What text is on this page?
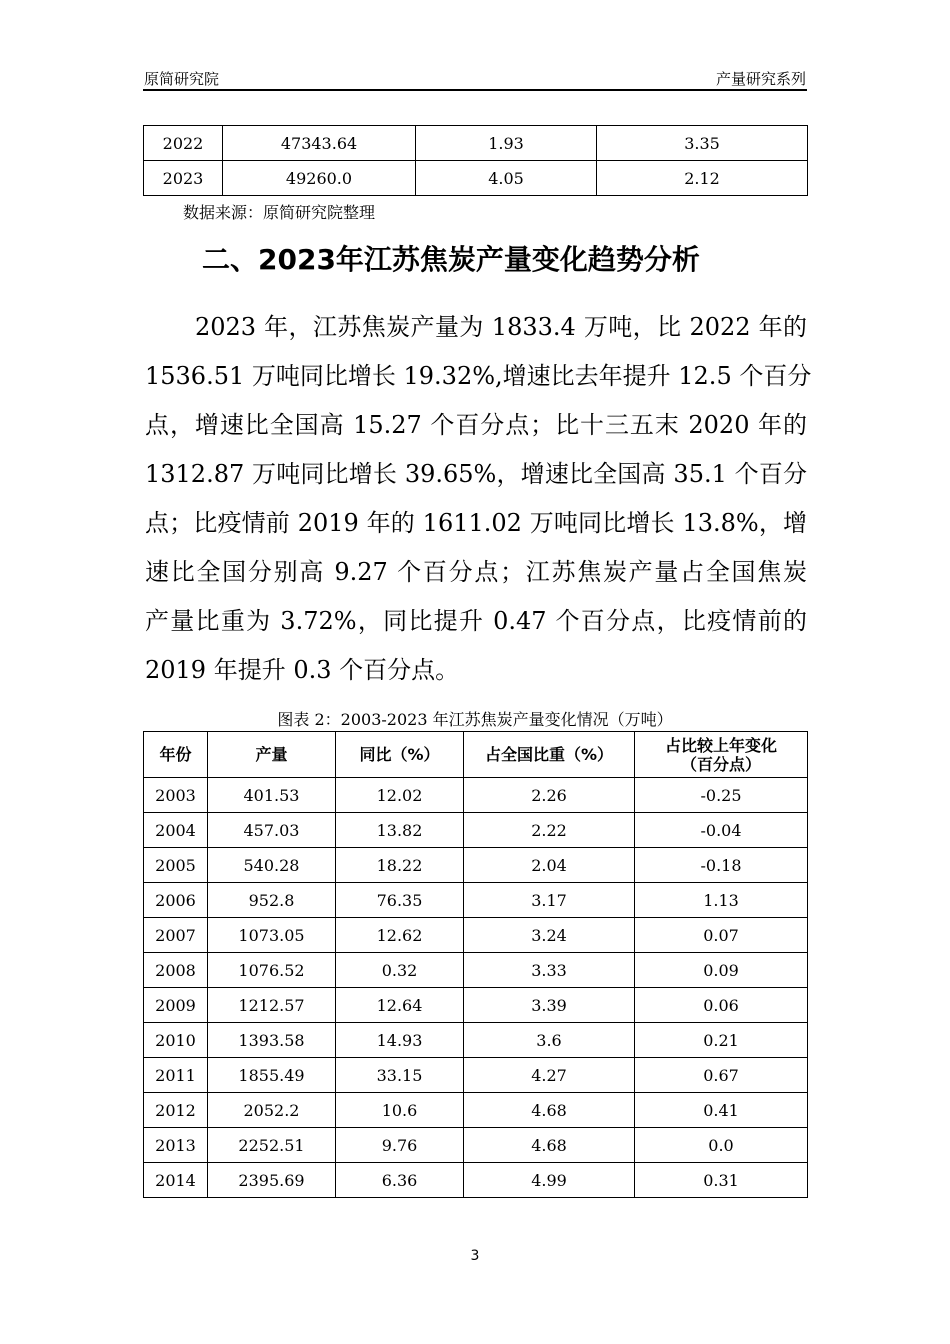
原简研究院	产量研究系列
2022	47343.64	1.93	3.35
2023	49260.0	4.05	2.12
数据来源：原简研究院整理
二、2023年江苏焦炭产量变化趋势分析
2023 年，江苏焦炭产量为 1833.4 万吨，比 2022 年的
1536.51 万吨同比增长 19.32%,增速比去年提升 12.5 个百分
点，增速比全国高 15.27 个百分点；比十三五末 2020 年的
1312.87 万吨同比增长 39.65%，增速比全国高 35.1 个百分
点；比疫情前 2019 年的 1611.02 万吨同比增长 13.8%，增
速比全国分别高 9.27 个百分点；江苏焦炭产量占全国焦炭
产量比重为 3.72%，同比提升 0.47 个百分点，比疫情前的
2019 年提升 0.3 个百分点。
图表 2：2003-2023 年江苏焦炭产量变化情况（万吨）
年份	产量	同比（%）	占全国比重（%）	占比较上年变化
（百分点）
2003	401.53	12.02	2.26	-0.25
2004	457.03	13.82	2.22	-0.04
2005	540.28	18.22	2.04	-0.18
2006	952.8	76.35	3.17	1.13
2007	1073.05	12.62	3.24	0.07
2008	1076.52	0.32	3.33	0.09
2009	1212.57	12.64	3.39	0.06
2010	1393.58	14.93	3.6	0.21
2011	1855.49	33.15	4.27	0.67
2012	2052.2	10.6	4.68	0.41
2013	2252.51	9.76	4.68	0.0
2014	2395.69	6.36	4.99	0.31
3
